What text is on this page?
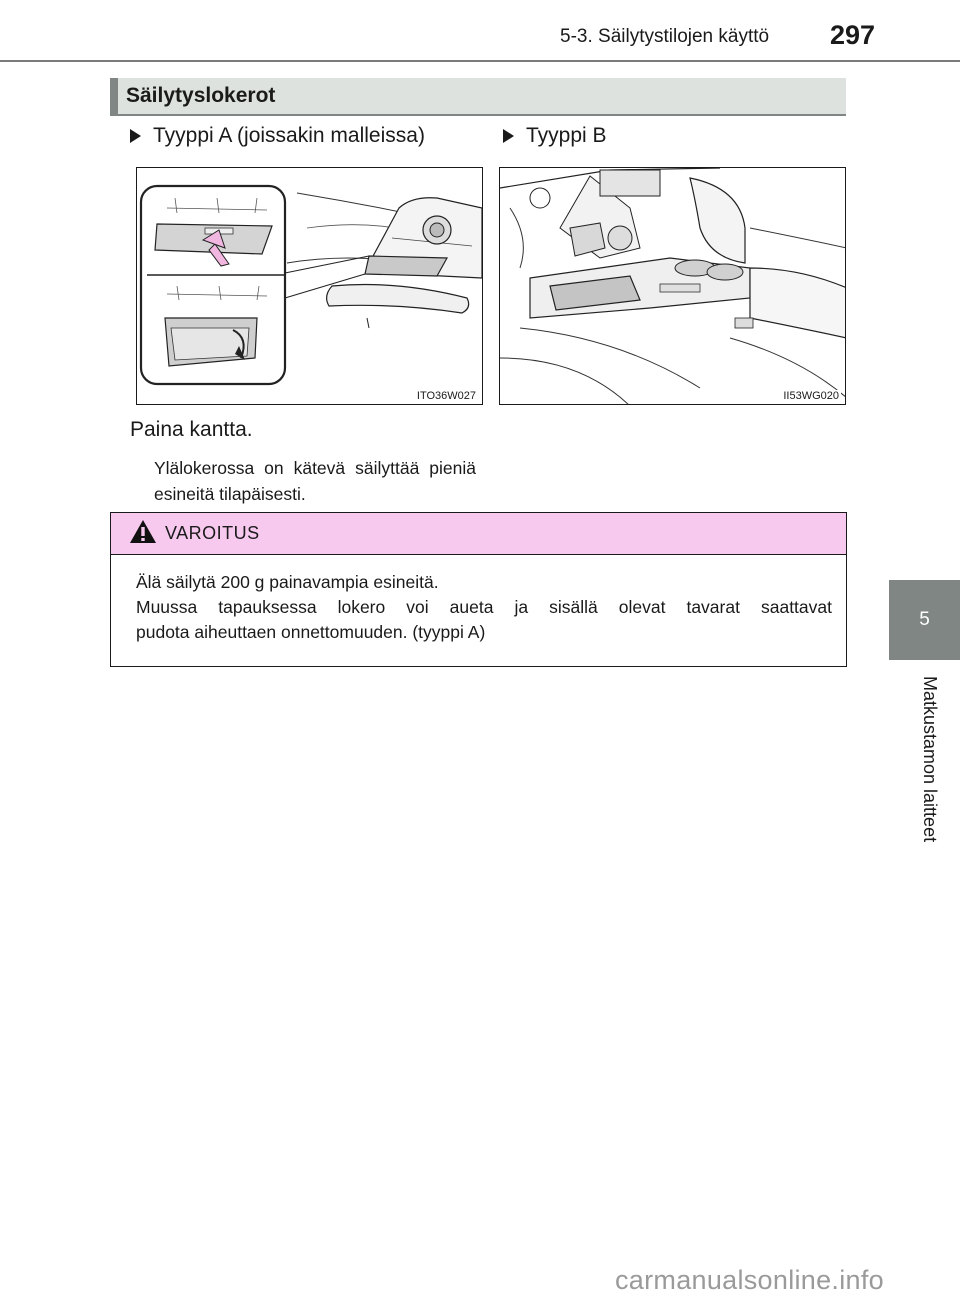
5-3. Säilytystilojen käyttö 297
5
Matkustamon laitteet
Säilytyslokerot
Tyyppi A (joissakin malleissa)	Tyyppi B
ITO36W027	II53WG020
Paina kantta.
Ylälokerossa on kätevä säilyttää pieniä esineitä tilapäisesti.
VAROITUS

Älä säilytä 200 g painavampia esineitä.

Muussa tapauksessa lokero voi aueta ja sisällä olevat tavarat saattavat

pudota aiheuttaen onnettomuuden. (tyyppi A)

carmanualsonline.info
